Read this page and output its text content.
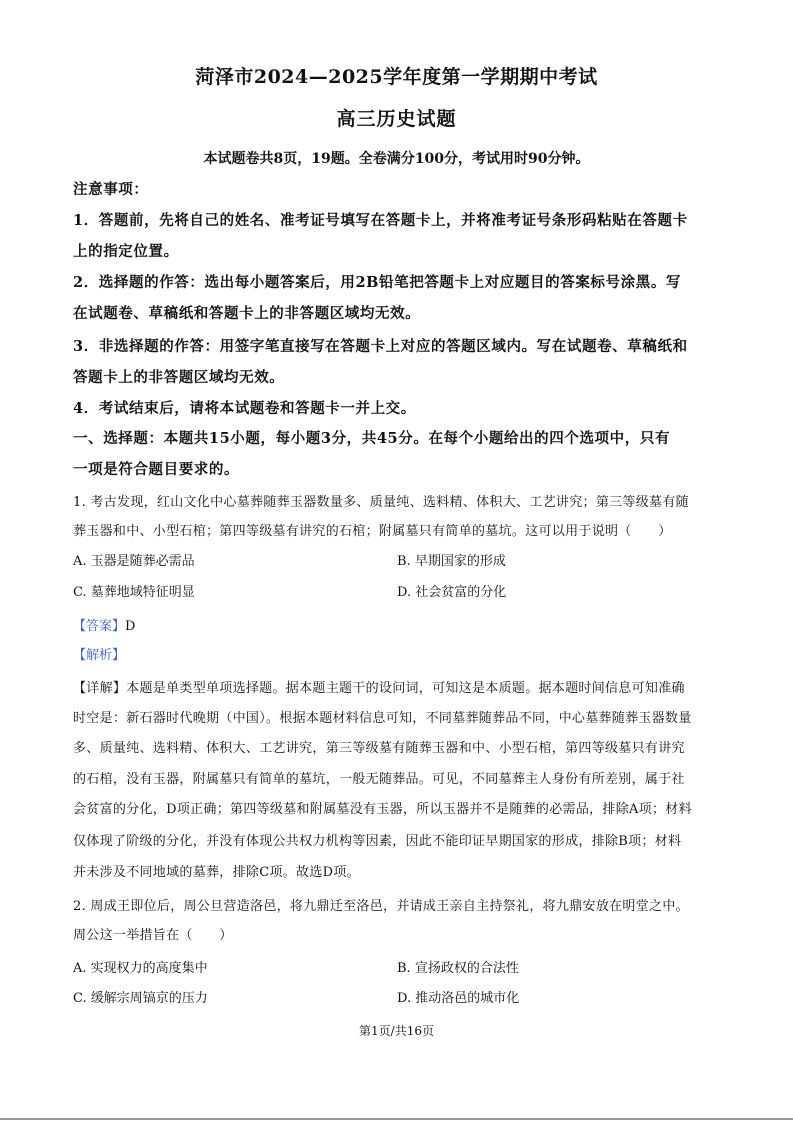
菏泽市2024—2025学年度第一学期期中考试
高三历史试题
本试题卷共8页，19题。全卷满分100分，考试用时90分钟。
注意事项：
1．答题前，先将自己的姓名、准考证号填写在答题卡上，并将准考证号条形码粘贴在答题卡
上的指定位置。
2．选择题的作答：选出每小题答案后，用2B铅笔把答题卡上对应题目的答案标号涂黑。写
在试题卷、草稿纸和答题卡上的非答题区域均无效。
3．非选择题的作答：用签字笔直接写在答题卡上对应的答题区域内。写在试题卷、草稿纸和
答题卡上的非答题区域均无效。
4．考试结束后，请将本试题卷和答题卡一并上交。
一、选择题：本题共15小题，每小题3分，共45分。在每个小题给出的四个选项中，只有
一项是符合题目要求的。
1. 考古发现，红山文化中心墓葬随葬玉器数量多、质量纯、选料精、体积大、工艺讲究；第三等级墓有随
葬玉器和中、小型石棺；第四等级墓有讲究的石棺；附属墓只有简单的墓坑。这可以用于说明（　　）
A. 玉器是随葬必需品	B. 早期国家的形成
C. 墓葬地域特征明显	D. 社会贫富的分化
【答案】D
【解析】
【详解】本题是单类型单项选择题。据本题主题干的设问词，可知这是本质题。据本题时间信息可知准确
时空是：新石器时代晚期（中国）。根据本题材料信息可知，不同墓葬随葬品不同，中心墓葬随葬玉器数量
多、质量纯、选料精、体积大、工艺讲究，第三等级墓有随葬玉器和中、小型石棺，第四等级墓只有讲究
的石棺，没有玉器，附属墓只有简单的墓坑，一般无随葬品。可见，不同墓葬主人身份有所差别，属于社
会贫富的分化，D项正确；第四等级墓和附属墓没有玉器，所以玉器并不是随葬的必需品，排除A项；材料
仅体现了阶级的分化，并没有体现公共权力机构等因素，因此不能印证早期国家的形成，排除B项；材料
并未涉及不同地域的墓葬，排除C项。故选D项。
2. 周成王即位后，周公旦营造洛邑，将九鼎迁至洛邑，并请成王亲自主持祭礼，将九鼎安放在明堂之中。
周公这一举措旨在（　　）
A. 实现权力的高度集中	B. 宣扬政权的合法性
C. 缓解宗周镐京的压力	D. 推动洛邑的城市化
第1页/共16页
